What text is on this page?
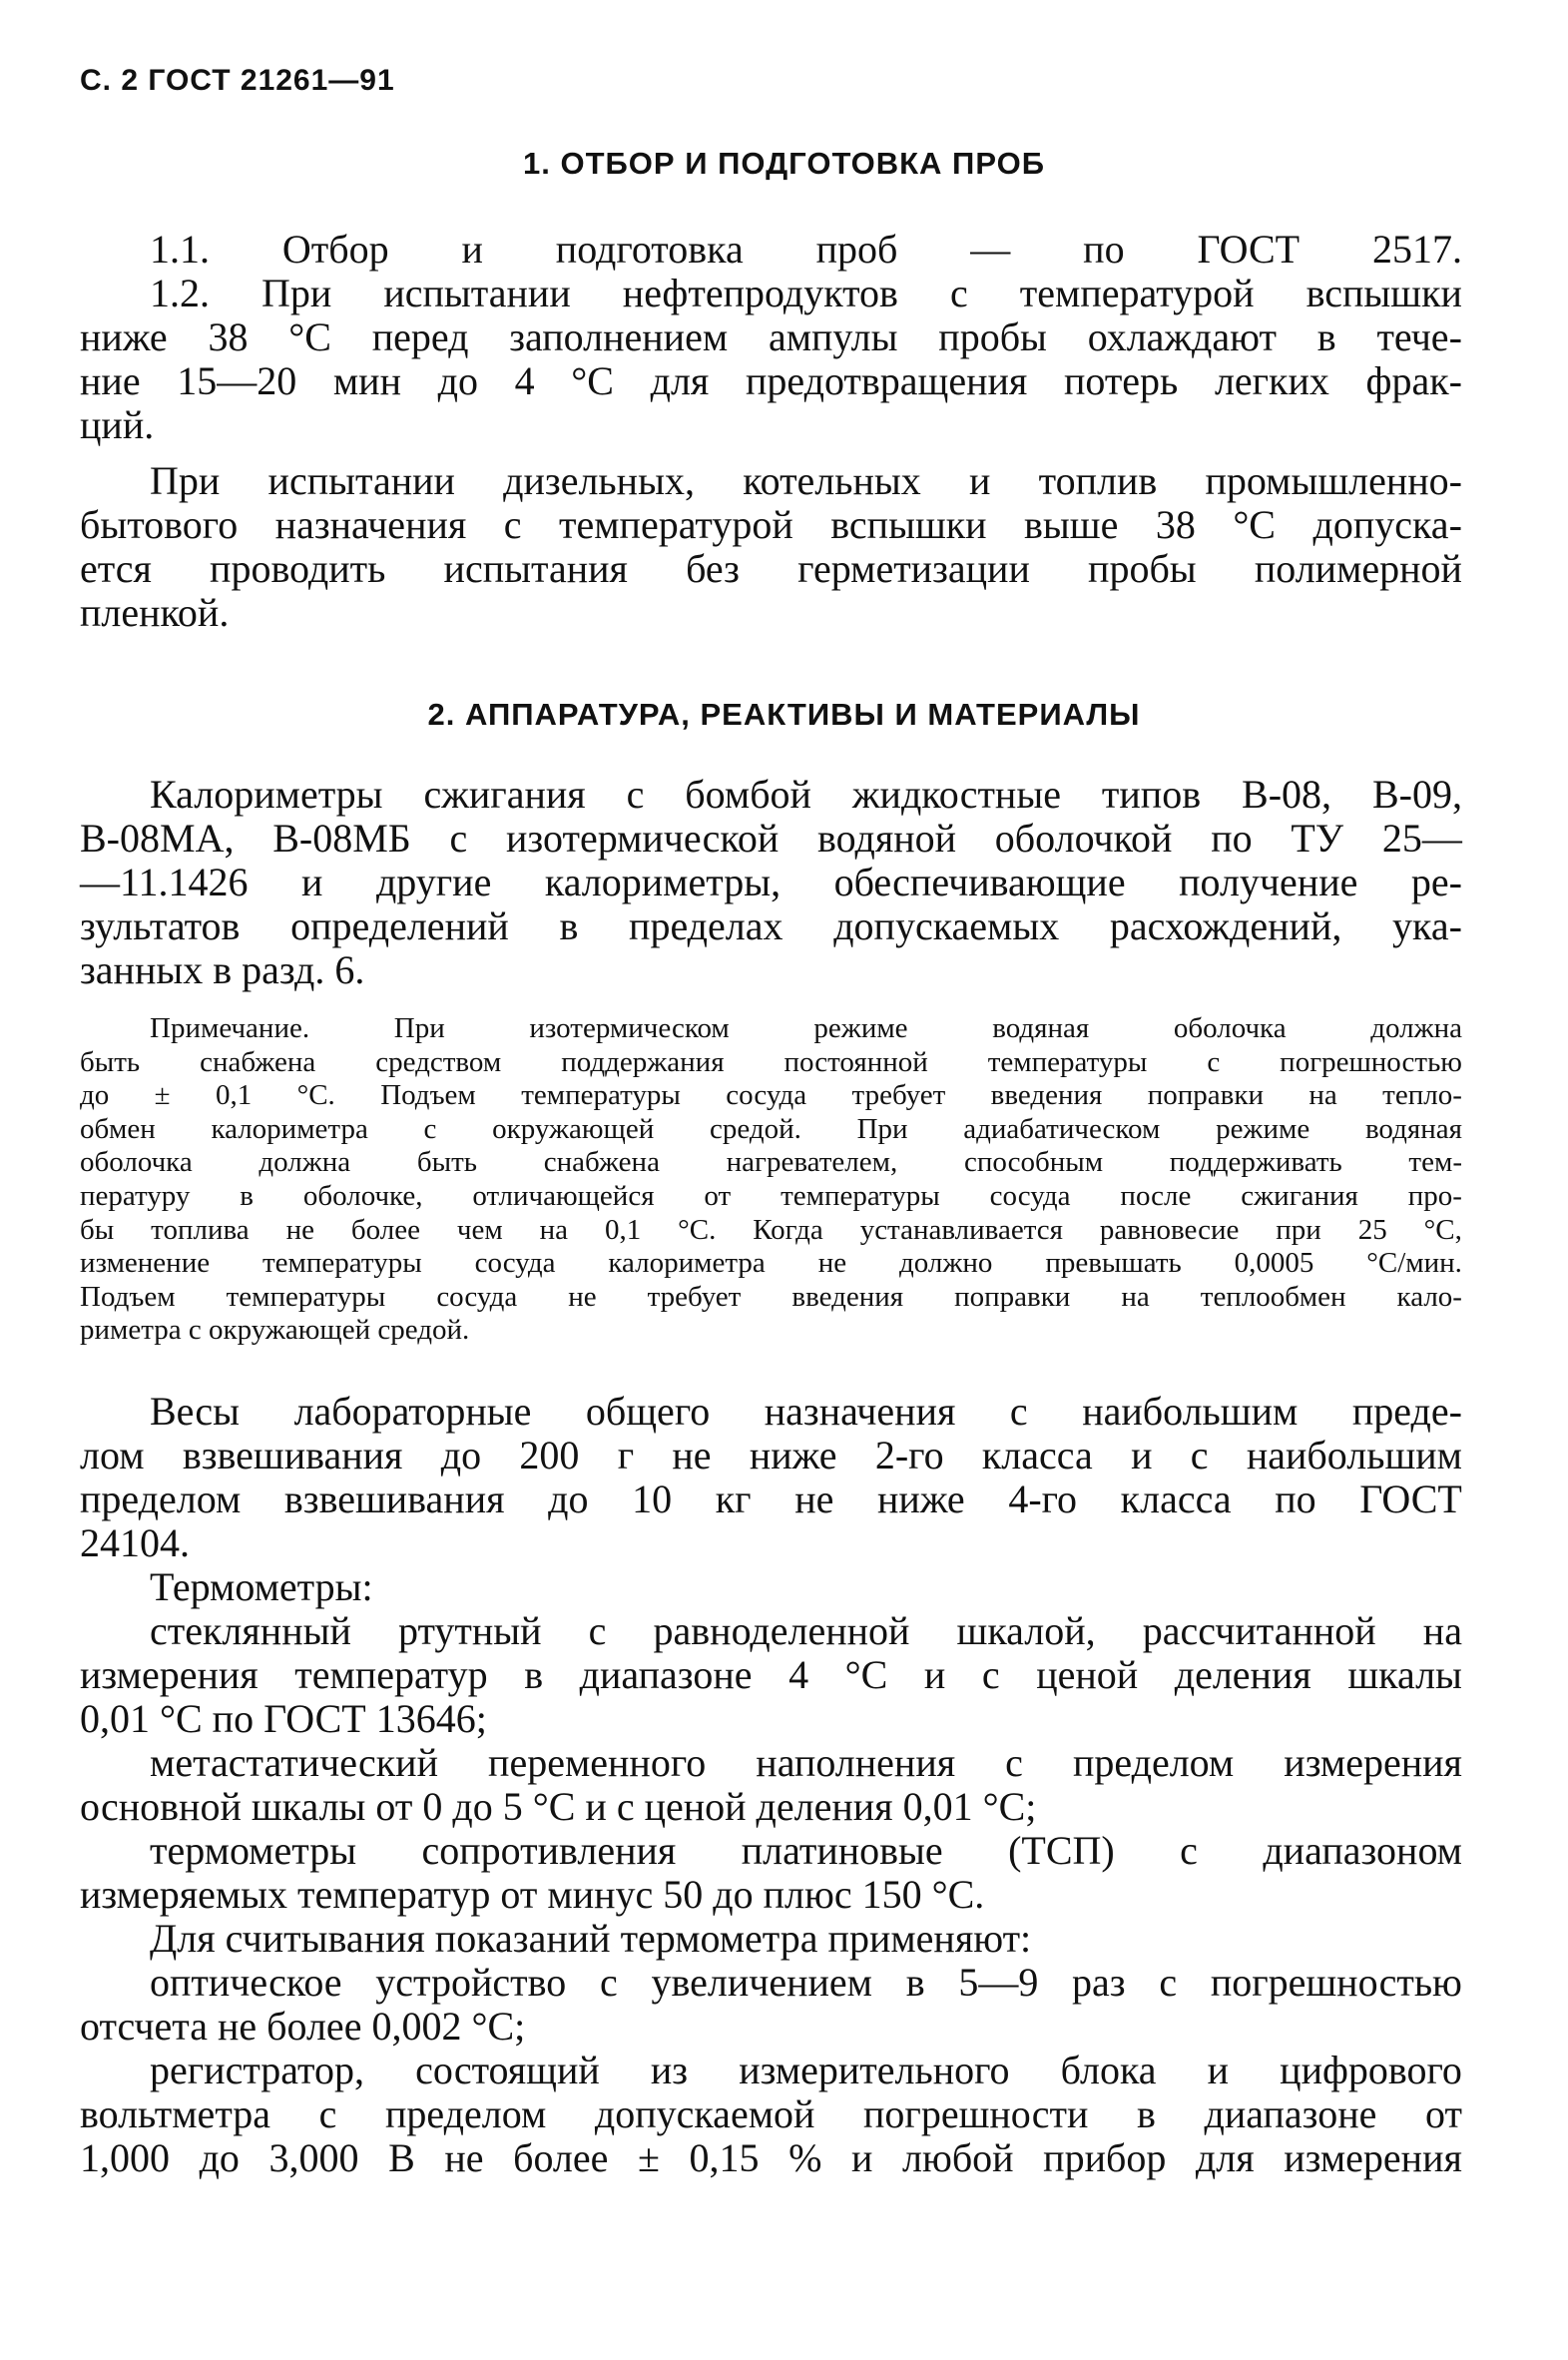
С. 2 ГОСТ 21261—91
1. ОТБОР И ПОДГОТОВКА ПРОБ
1.1. Отбор и подготовка проб — по ГОСТ 2517.
1.2. При испытании нефтепродуктов с температурой вспышки
ниже 38 °С перед заполнением ампулы пробы охлаждают в тече-
ние 15—20 мин до 4 °С для предотвращения потерь легких фрак-
ций.
При испытании дизельных, котельных и топлив промышленно-
бытового назначения с температурой вспышки выше 38 °С допуска-
ется проводить испытания без герметизации пробы полимерной
пленкой.
2. АППАРАТУРА, РЕАКТИВЫ И МАТЕРИАЛЫ
Калориметры сжигания с бомбой жидкостные типов В-08, В-09,
В-08МА, В-08МБ с изотермической водяной оболочкой по ТУ 25—
—11.1426 и другие калориметры, обеспечивающие получение ре-
зультатов определений в пределах допускаемых расхождений, ука-
занных в разд. 6.
Примечание.	При	изотермическом	режиме	водяная	оболочка	должна
быть снабжена средством поддержания постоянной температуры с погрешностью
до ± 0,1 °С. Подъем температуры сосуда требует введения поправки на тепло-
обмен калориметра с окружающей средой. При адиабатическом режиме водяная
оболочка должна быть снабжена нагревателем, способным поддерживать тем-
пературу в оболочке, отличающейся от температуры сосуда после сжигания про-
бы топлива не более чем на 0,1 °С. Когда устанавливается равновесие при 25 °С,
изменение температуры сосуда калориметра не должно превышать 0,0005 °С/мин.
Подъем температуры сосуда не требует введения поправки на теплообмен кало-
риметра с окружающей средой.
Весы лабораторные общего назначения с наибольшим преде-
лом взвешивания до 200 г не ниже 2-го класса и с наибольшим
пределом взвешивания до 10 кг не ниже 4-го класса по ГОСТ
24104.
Термометры:
стеклянный ртутный с равноделенной шкалой, рассчитанной на
измерения температур в диапазоне 4 °С и с ценой деления шкалы
0,01 °С по ГОСТ 13646;
метастатический переменного наполнения с пределом измерения
основной шкалы от 0 до 5 °С и с ценой деления 0,01 °С;
термометры сопротивления платиновые (ТСП) с диапазоном
измеряемых температур от минус 50 до плюс 150 °С.
Для считывания показаний термометра применяют:
оптическое устройство с увеличением в 5—9 раз с погрешностью
отсчета не более 0,002 °С;
регистратор, состоящий из измерительного блока и цифрового
вольтметра с пределом допускаемой погрешности в диапазоне от
1,000 до 3,000 В не более ± 0,15 % и любой прибор для измерения
